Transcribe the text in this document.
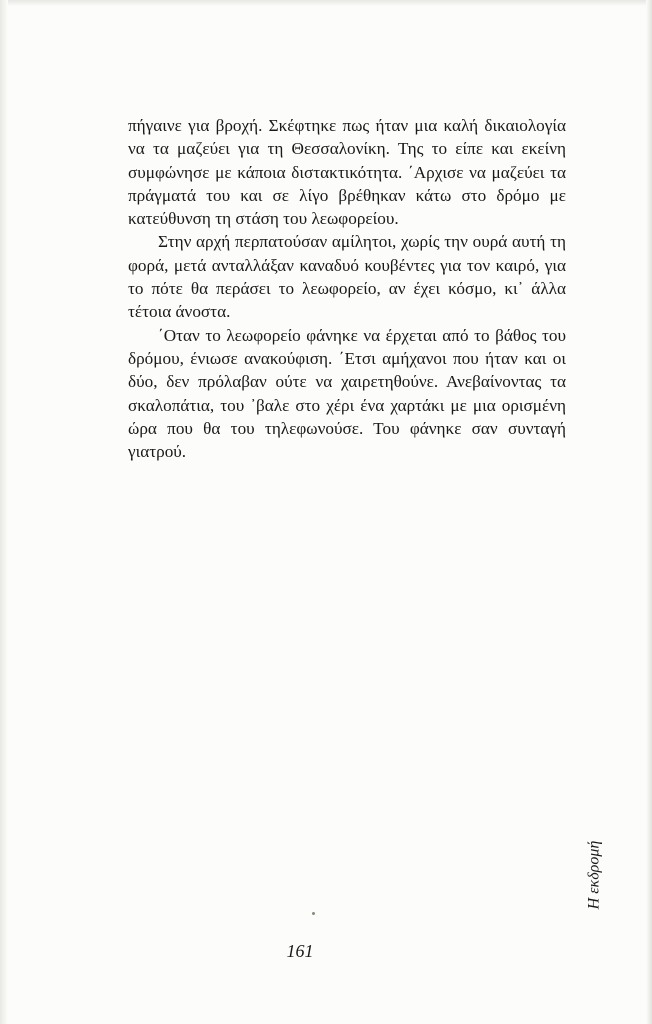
πήγαινε για βροχή. Σκέφτηκε πως ήταν μια καλή δικαιολογία να τα μαζεύει για τη Θεσσαλονίκη. Της το είπε και εκείνη συμφώνησε με κάποια διστακτικότητα. ΄Αρχισε να μαζεύει τα πράγματά του και σε λίγο βρέθηκαν κάτω στο δρόμο με κατεύθυνση τη στάση του λεωφορείου.

Στην αρχή περπατούσαν αμίλητοι, χωρίς την ουρά αυτή τη φορά, μετά ανταλλάξαν καναδυό κουβέντες για τον καιρό, για το πότε θα περάσει το λεωφορείο, αν έχει κόσμο, κι᾿ άλλα τέτοια άνοστα.

΄Οταν το λεωφορείο φάνηκε να έρχεται από το βάθος του δρόμου, ένιωσε ανακούφιση. ΄Ετσι αμήχανοι που ήταν και οι δύο, δεν πρόλαβαν ούτε να χαιρετηθούνε. Ανεβαίνοντας τα σκαλοπάτια, του ᾿βαλε στο χέρι ένα χαρτάκι με μια ορισμένη ώρα που θα του τηλεφωνούσε. Του φάνηκε σαν συνταγή γιατρού.

Η εκδρομή
161
